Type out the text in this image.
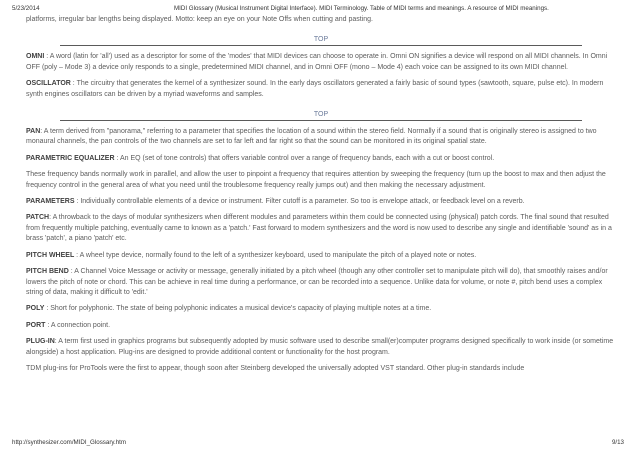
5/23/2014	MIDI Glossary (Musical Instrument Digital Interface). MIDI Terminology. Table of MIDI terms and meanings. A resource of MIDI meanings.

platforms, irregular bar lengths being displayed. Motto: keep an eye on your Note Offs when cutting and pasting.

TOP

OMNI : A word (latin for 'all') used as a descriptor for some of the 'modes' that MIDI devices can choose to operate in. Omni ON signifies a device will respond on all MIDI channels. In Omni OFF (poly – Mode 3) a device only responds to a single, predetermined MIDI channel, and in Omni OFF (mono – Mode 4) each voice can be assigned to its own MIDI channel.

OSCILLATOR : The circuitry that generates the kernel of a synthesizer sound. In the early days oscillators generated a fairly basic of sound types (sawtooth, square, pulse etc). In modern synth engines oscillators can be driven by a myriad waveforms and samples.

TOP

PAN: A term derived from "panorama," referring to a parameter that specifies the location of a sound within the stereo field. Normally if a sound that is originally stereo is assigned to two monaural channels, the pan controls of the two channels are set to far left and far right so that the sound can be monitored in its original spatial state.

PARAMETRIC EQUALIZER : An EQ (set of tone controls) that offers variable control over a range of frequency bands, each with a cut or boost control.

These frequency bands normally work in parallel, and allow the user to pinpoint a frequency that requires attention by sweeping the frequency (turn up the boost to max and then adjust the frequency control in the general area of what you need until the troublesome frequency really jumps out) and then making the necessary adjustment.

PARAMETERS : Individually controllable elements of a device or instrument. Filter cutoff is a parameter. So too is envelope attack, or feedback level on a reverb.

PATCH: A throwback to the days of modular synthesizers when different modules and parameters within them could be connected using (physical) patch cords. The final sound that resulted from frequently multiple patching, eventually came to known as a 'patch.' Fast forward to modern synthesizers and the word is now used to describe any single and identifiable 'sound' as in a brass 'patch', a piano 'patch' etc.

PITCH WHEEL : A wheel type device, normally found to the left of a synthesizer keyboard, used to manipulate the pitch of a played note or notes.

PITCH BEND : A Channel Voice Message or activity or message, generally initiated by a pitch wheel (though any other controller set to manipulate pitch will do), that smoothly raises and/or lowers the pitch of note or chord. This can be achieve in real time during a performance, or can be recorded into a sequence. Unlike data for volume, or note #, pitch bend uses a complex string of data, making it difficult to 'edit.'

POLY : Short for polyphonic. The state of being polyphonic indicates a musical device's capacity of playing multiple notes at a time.

PORT : A connection point.

PLUG-IN: A term first used in graphics programs but subsequently adopted by music software used to describe small(er)computer programs designed specifically to work inside (or sometime alongside) a host application. Plug-ins are designed to provide additional content or functionality for the host program.

TDM plug-ins for ProTools were the first to appear, though soon after Steinberg developed the universally adopted VST standard. Other plug-in standards include

http://synthesizer.com/MIDI_Glossary.htm	9/13
